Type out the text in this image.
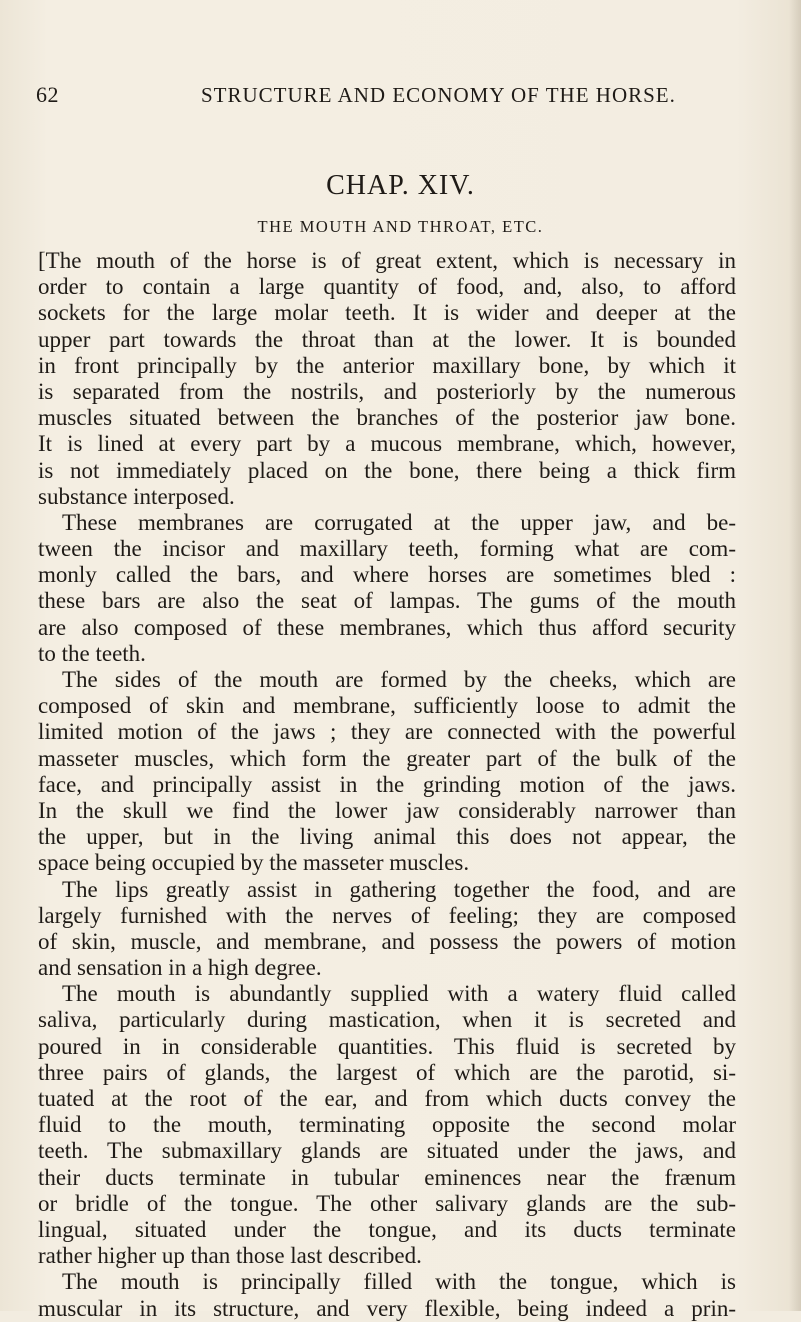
62	STRUCTURE AND ECONOMY OF THE HORSE.
CHAP. XIV.
THE MOUTH AND THROAT, ETC.
[The mouth of the horse is of great extent, which is necessary in
order to contain a large quantity of food, and, also, to afford
sockets for the large molar teeth. It is wider and deeper at the
upper part towards the throat than at the lower. It is bounded
in front principally by the anterior maxillary bone, by which it
is separated from the nostrils, and posteriorly by the numerous
muscles situated between the branches of the posterior jaw bone.
It is lined at every part by a mucous membrane, which, however,
is not immediately placed on the bone, there being a thick firm
substance interposed.
These membranes are corrugated at the upper jaw, and be-
tween the incisor and maxillary teeth, forming what are com-
monly called the bars, and where horses are sometimes bled :
these bars are also the seat of lampas. The gums of the mouth
are also composed of these membranes, which thus afford security
to the teeth.
The sides of the mouth are formed by the cheeks, which are
composed of skin and membrane, sufficiently loose to admit the
limited motion of the jaws ; they are connected with the powerful
masseter muscles, which form the greater part of the bulk of the
face, and principally assist in the grinding motion of the jaws.
In the skull we find the lower jaw considerably narrower than
the upper, but in the living animal this does not appear, the
space being occupied by the masseter muscles.
The lips greatly assist in gathering together the food, and are
largely furnished with the nerves of feeling; they are composed
of skin, muscle, and membrane, and possess the powers of motion
and sensation in a high degree.
The mouth is abundantly supplied with a watery fluid called
saliva, particularly during mastication, when it is secreted and
poured in in considerable quantities. This fluid is secreted by
three pairs of glands, the largest of which are the parotid, si-
tuated at the root of the ear, and from which ducts convey the
fluid to the mouth, terminating opposite the second molar
teeth. The submaxillary glands are situated under the jaws, and
their ducts terminate in tubular eminences near the frænum
or bridle of the tongue. The other salivary glands are the sub-
lingual, situated under the tongue, and its ducts terminate
rather higher up than those last described.
The mouth is principally filled with the tongue, which is
muscular in its structure, and very flexible, being indeed a prin-
